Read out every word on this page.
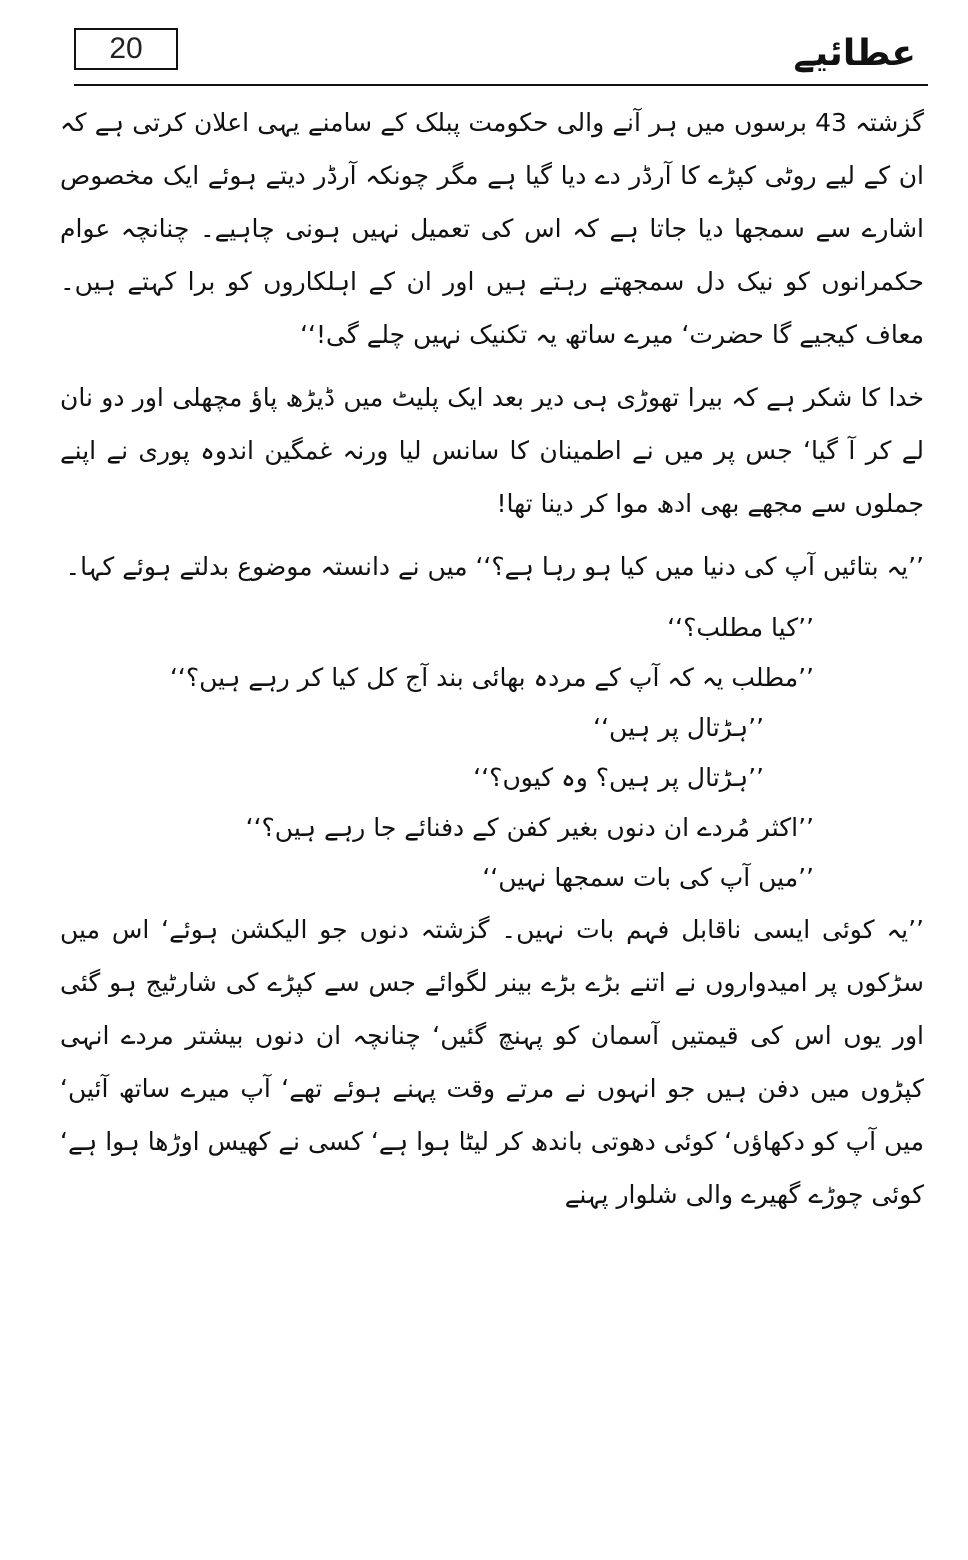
20	عطائیے

گزشتہ 43 برسوں میں ہر آنے والی حکومت پبلک کے سامنے یہی اعلان کرتی ہے کہ ان کے لیے روٹی کپڑے کا آرڈر دے دیا گیا ہے مگر چونکہ آرڈر دیتے ہوئے ایک مخصوص اشارے سے سمجھا دیا جاتا ہے کہ اس کی تعمیل نہیں ہونی چاہیے۔ چنانچہ عوام حکمرانوں کو نیک دل سمجھتے رہتے ہیں اور ان کے اہلکاروں کو برا کہتے ہیں۔ معاف کیجیے گا حضرت‘ میرے ساتھ یہ تکنیک نہیں چلے گی!‘‘

خدا کا شکر ہے کہ بیرا تھوڑی ہی دیر بعد ایک پلیٹ میں ڈیڑھ پاؤ مچھلی اور دو نان لے کر آ گیا‘ جس پر میں نے اطمینان کا سانس لیا ورنہ غمگین اندوہ پوری نے اپنے جملوں سے مجھے بھی ادھ موا کر دینا تھا!

’’یہ بتائیں آپ کی دنیا میں کیا ہو رہا ہے؟‘‘ میں نے دانستہ موضوع بدلتے ہوئے کہا۔

’’کیا مطلب؟‘‘

’’مطلب یہ کہ آپ کے مردہ بھائی بند آج کل کیا کر رہے ہیں؟‘‘

’’ہڑتال پر ہیں‘‘

’’ہڑتال پر ہیں؟ وہ کیوں؟‘‘

’’اکثر مُردے ان دنوں بغیر کفن کے دفنائے جا رہے ہیں؟‘‘

’’میں آپ کی بات سمجھا نہیں‘‘

’’یہ کوئی ایسی ناقابل فہم بات نہیں۔ گزشتہ دنوں جو الیکشن ہوئے‘ اس میں سڑکوں پر امیدواروں نے اتنے بڑے بڑے بینر لگوائے جس سے کپڑے کی شارٹیج ہو گئی اور یوں اس کی قیمتیں آسمان کو پہنچ گئیں‘ چنانچہ ان دنوں بیشتر مردے انہی کپڑوں میں دفن ہیں جو انہوں نے مرتے وقت پہنے ہوئے تھے‘ آپ میرے ساتھ آئیں‘ میں آپ کو دکھاؤں‘ کوئی دھوتی باندھ کر لیٹا ہوا ہے‘ کسی نے کھیس اوڑھا ہوا ہے‘ کوئی چوڑے گھیرے والی شلوار پہنے
